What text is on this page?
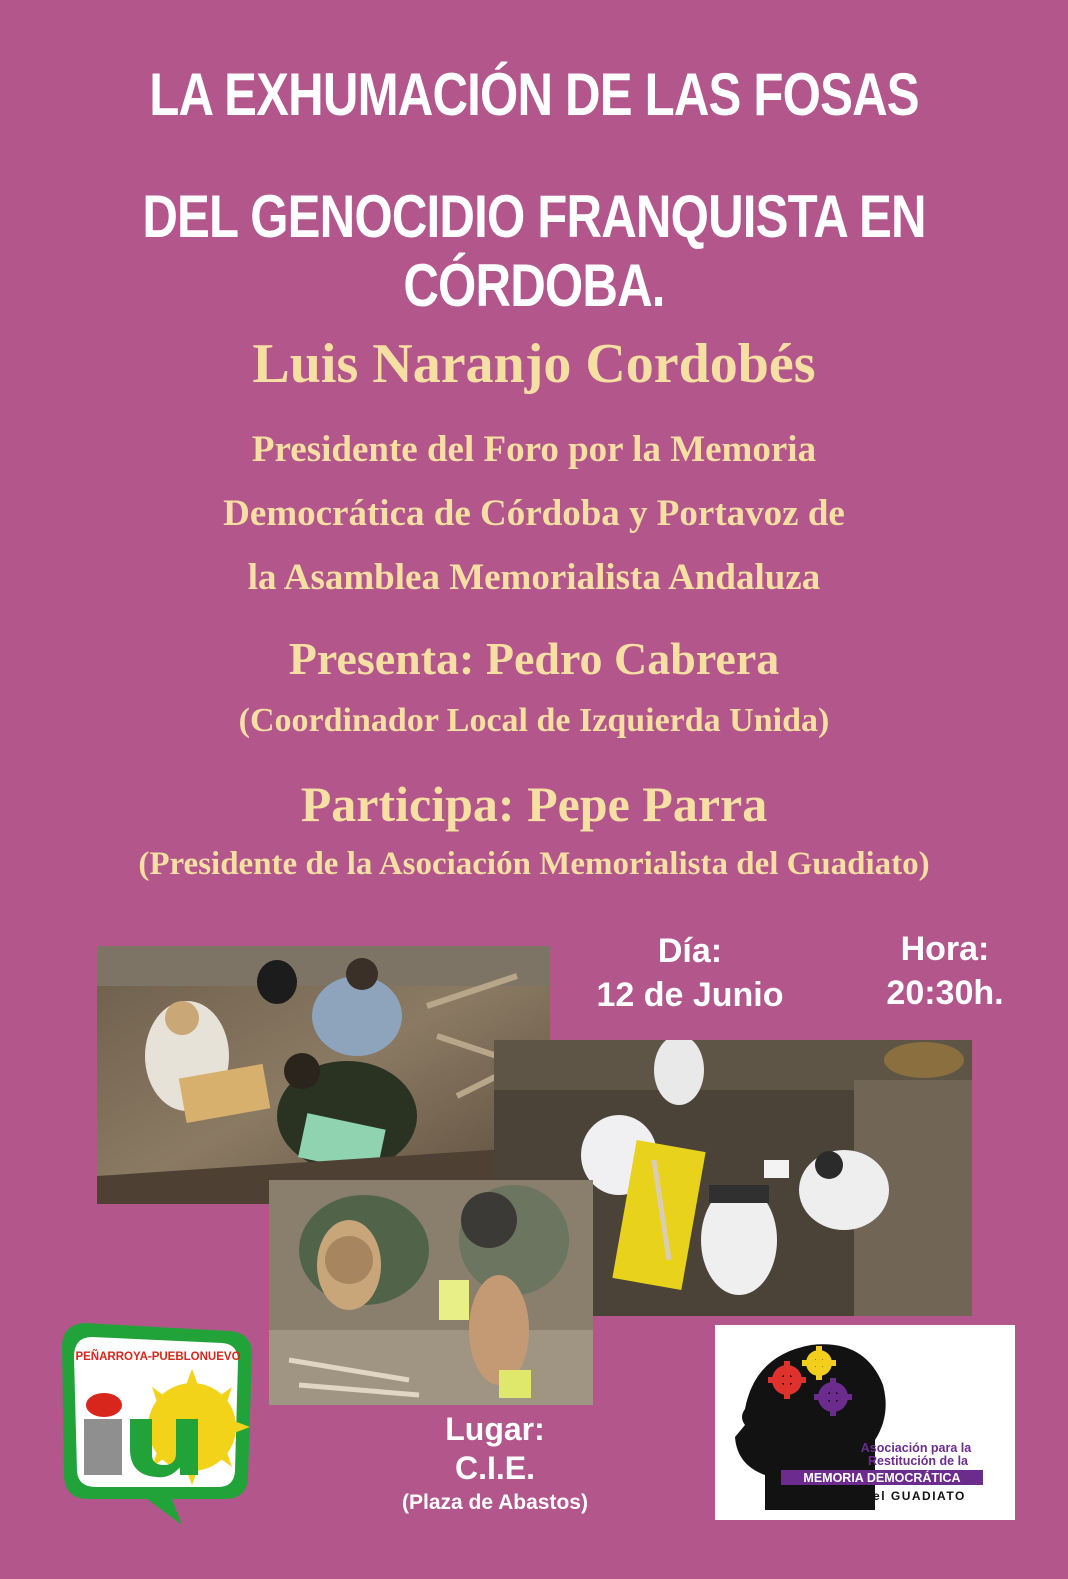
LA EXHUMACIÓN DE LAS FOSAS
DEL GENOCIDIO FRANQUISTA EN CÓRDOBA.
Luis Naranjo Cordobés
Presidente del Foro por la Memoria
Democrática de Córdoba y Portavoz de
la Asamblea Memorialista Andaluza
Presenta: Pedro Cabrera
(Coordinador Local de Izquierda Unida)
Participa: Pepe Parra
(Presidente de la Asociación Memorialista del Guadiato)
Día:
12 de Junio
Hora:
20:30h.
PEÑARROYA-PUEBLONUEVO
Lugar:
C.I.E.
(Plaza de Abastos)
Asociación para la
Restitución de la
MEMORIA DEMOCRÁTICA
del GUADIATO
